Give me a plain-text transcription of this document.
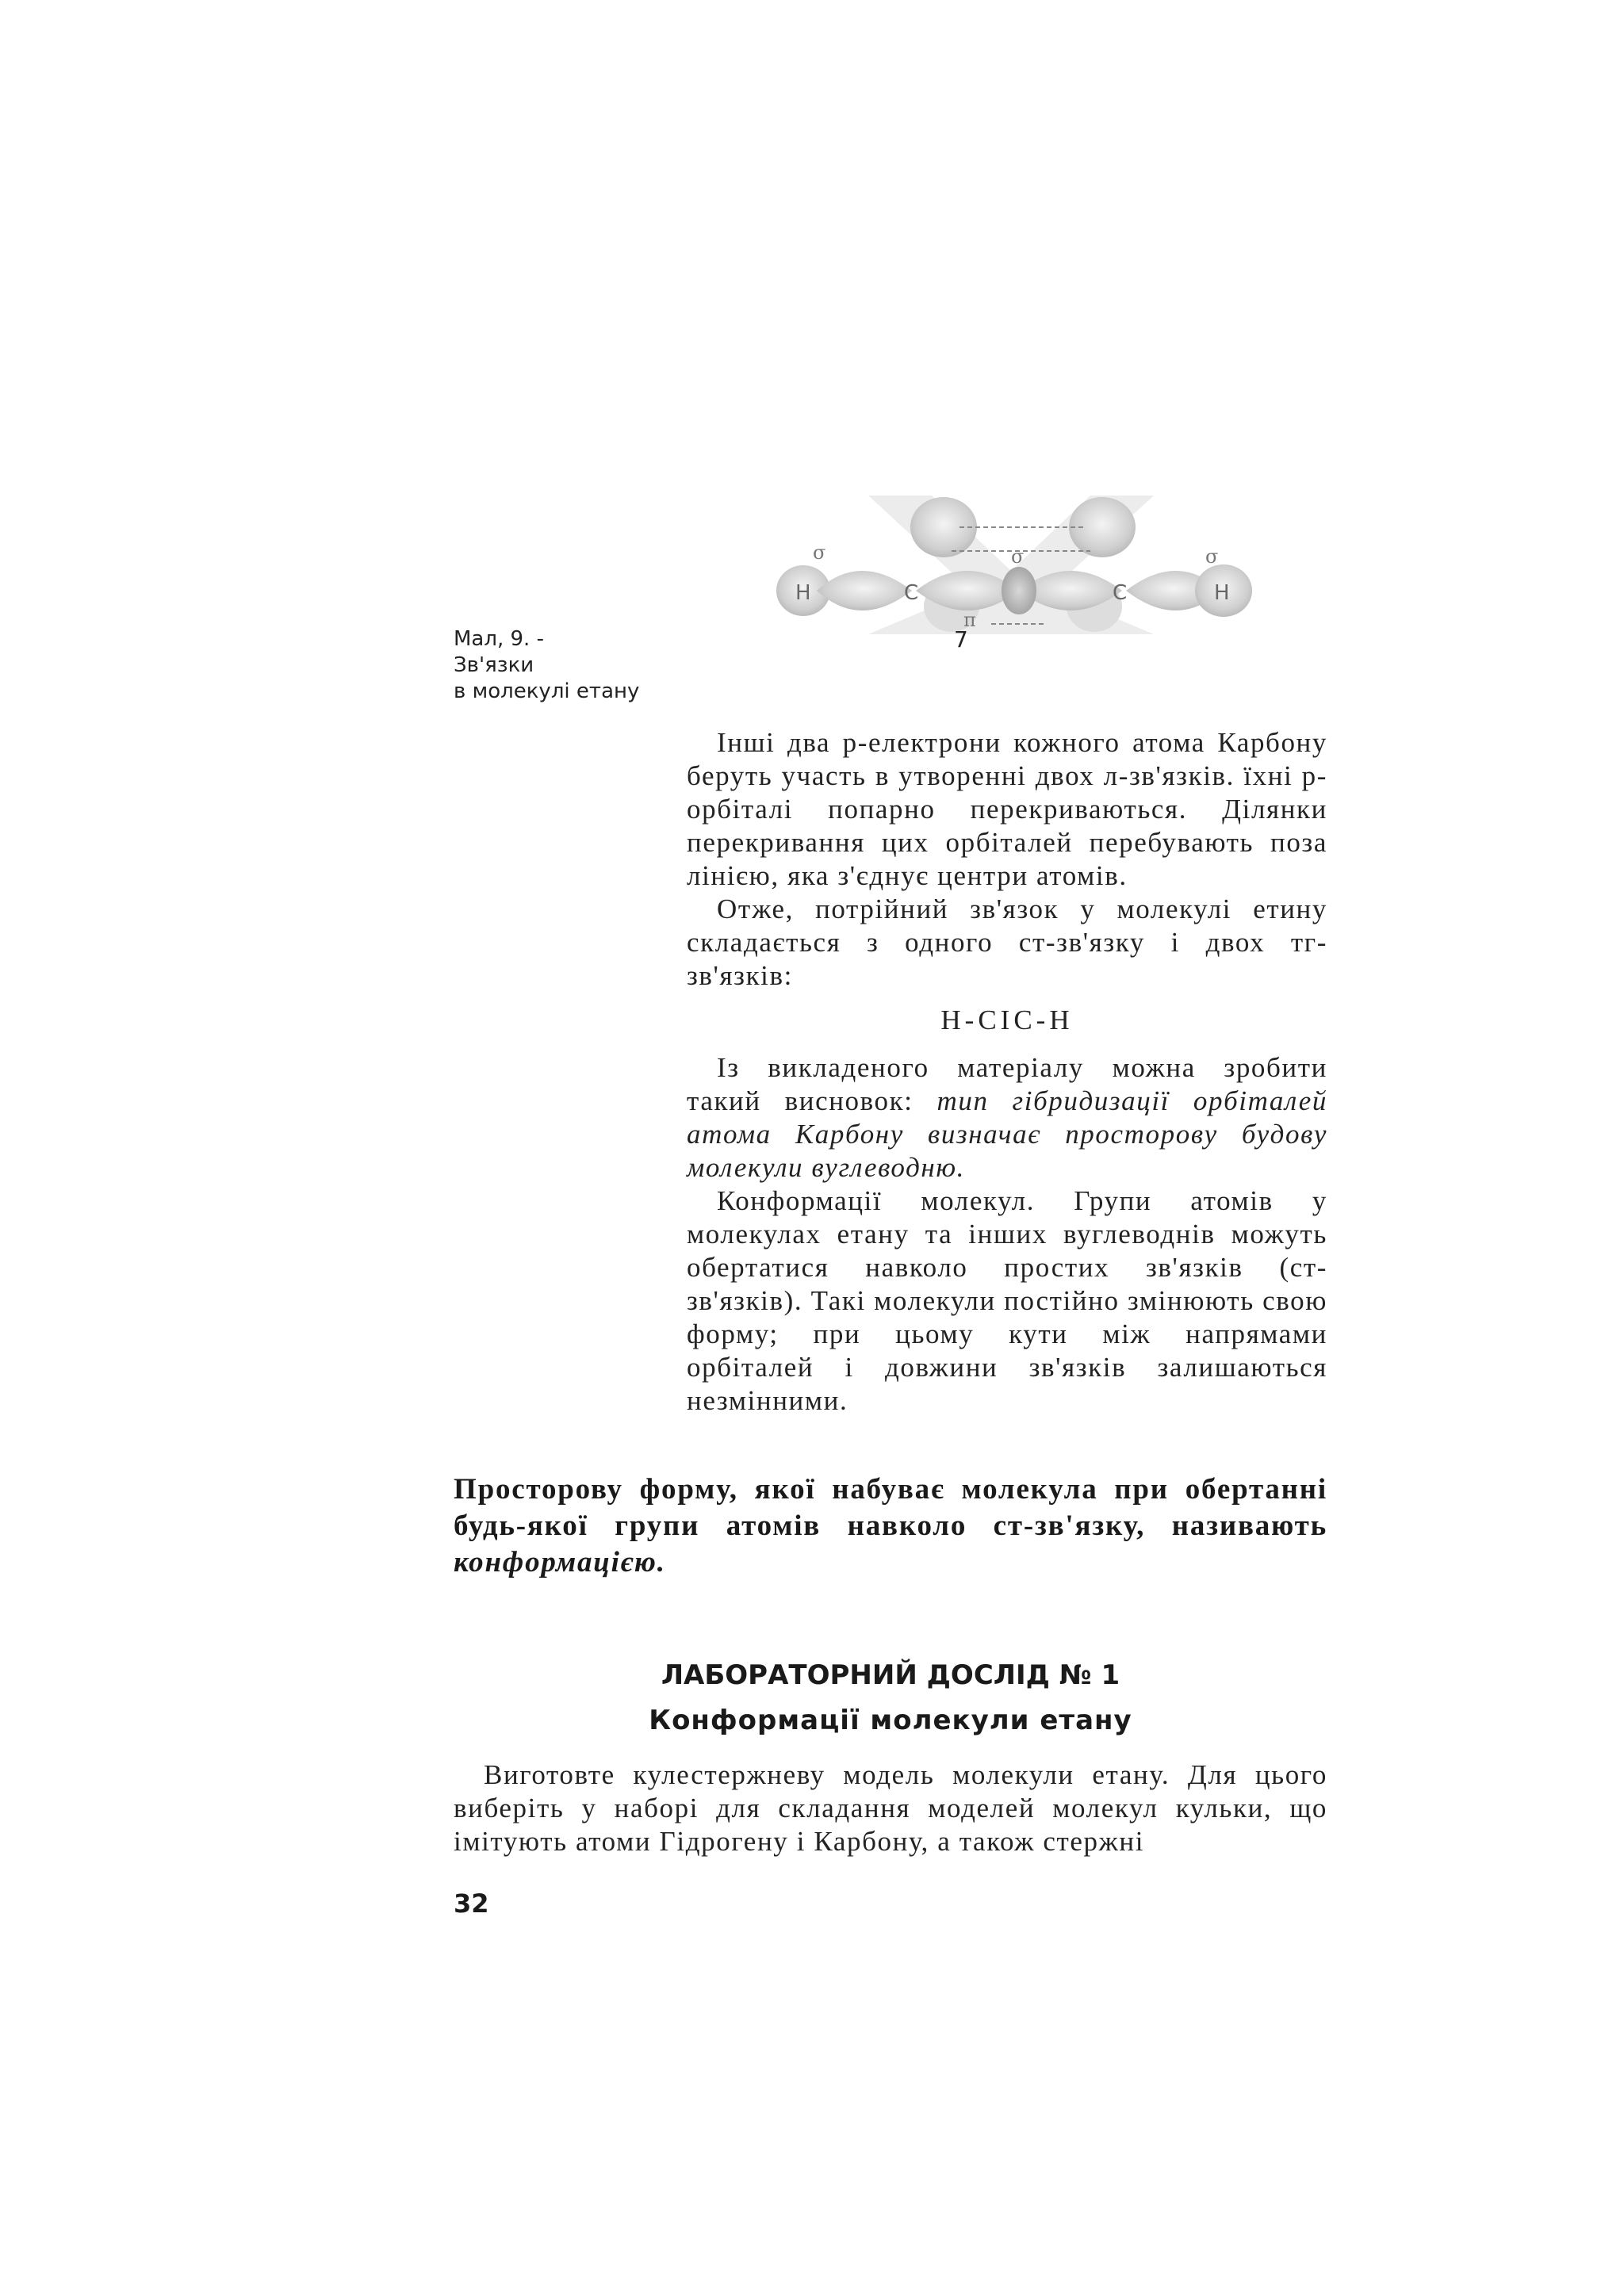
Мал, 9. -
Зв'язки
в молекулі етану
H	C	C	H
σ	σ	σ
π
7

Інші два р-електрони кожного атома Карбону беруть участь в утворенні двох л-зв'язків. їхні р-орбіталі попарно перекриваються. Ділянки перекривання цих орбіталей перебувають поза лінією, яка з'єднує центри атомів.

Отже, потрійний зв'язок у молекулі етину складається з одного ст-зв'язку і двох тг-зв'язків:

Н-СІС-Н

Із викладеного матеріалу можна зробити такий висновок: тип гібридизації орбіталей атома Карбону визначає просторову будову молекули вуглеводню.

Конформації молекул. Групи атомів у молекулах етану та інших вуглеводнів можуть обертатися навколо простих зв'язків (ст-зв'язків). Такі молекули постійно змінюють свою форму; при цьому кути між напрямами орбіталей і довжини зв'язків залишаються незмінними.

Просторову форму, якої набуває молекула при обертанні будь-якої групи атомів навколо ст-зв'язку, називають конформацією.
ЛАБОРАТОРНИЙ ДОСЛІД № 1
Конформації молекули етану
Виготовте кулестержневу модель молекули етану. Для цього виберіть у наборі для складання моделей молекул кульки, що імітують атоми Гідрогену і Карбону, а також стержні
32
